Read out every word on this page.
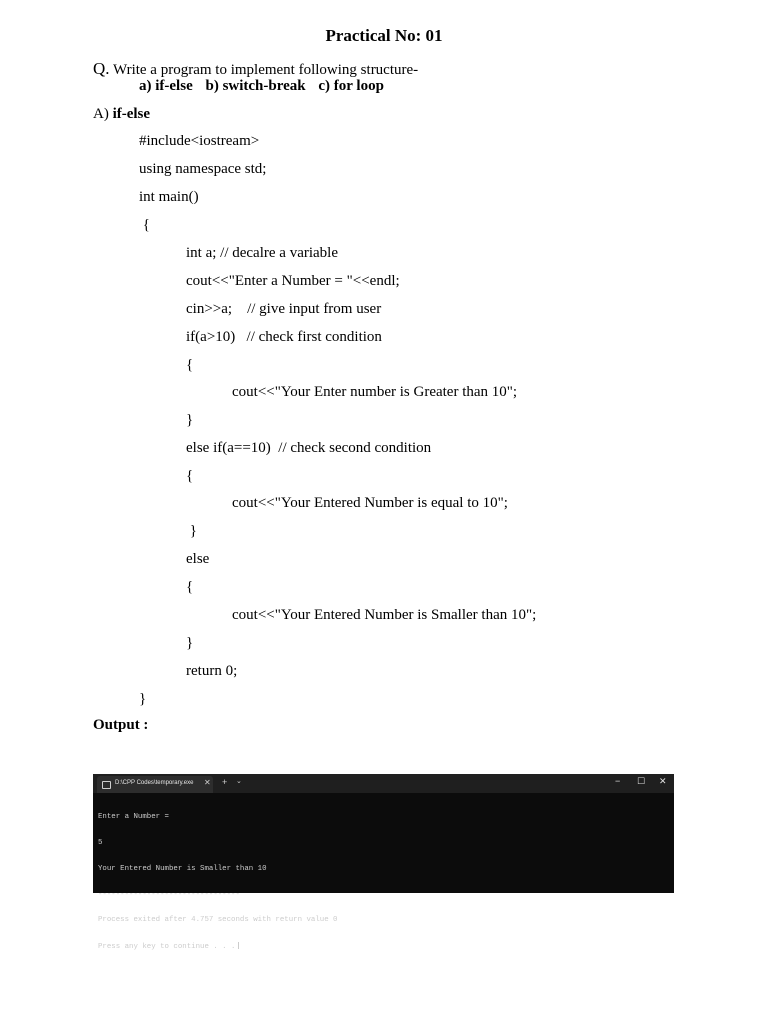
Practical No: 01
Q. Write a program to implement following structure-
a) if-else b) switch-break c) for loop
A) if-else
#include<iostream>
using namespace std;
int main()
{
int a; // decalre a variable
cout<<"Enter a Number = "<<endl;
cin>>a;    // give input from user
if(a>10)   // check first condition
{
cout<<"Your Enter number is Greater than 10";
}
else if(a==10)  // check second condition
{
cout<<"Your Entered Number is equal to 10";
}
else
{
cout<<"Your Entered Number is Smaller than 10";
}
return 0;
}
Output :
D:\CPP Codes\temporary.exe ✕ + ⌄	− ☐ ✕

Enter a Number =

5

Your Entered Number is Smaller than 10

--------------------------------

Process exited after 4.757 seconds with return value 0

Press any key to continue . . .
